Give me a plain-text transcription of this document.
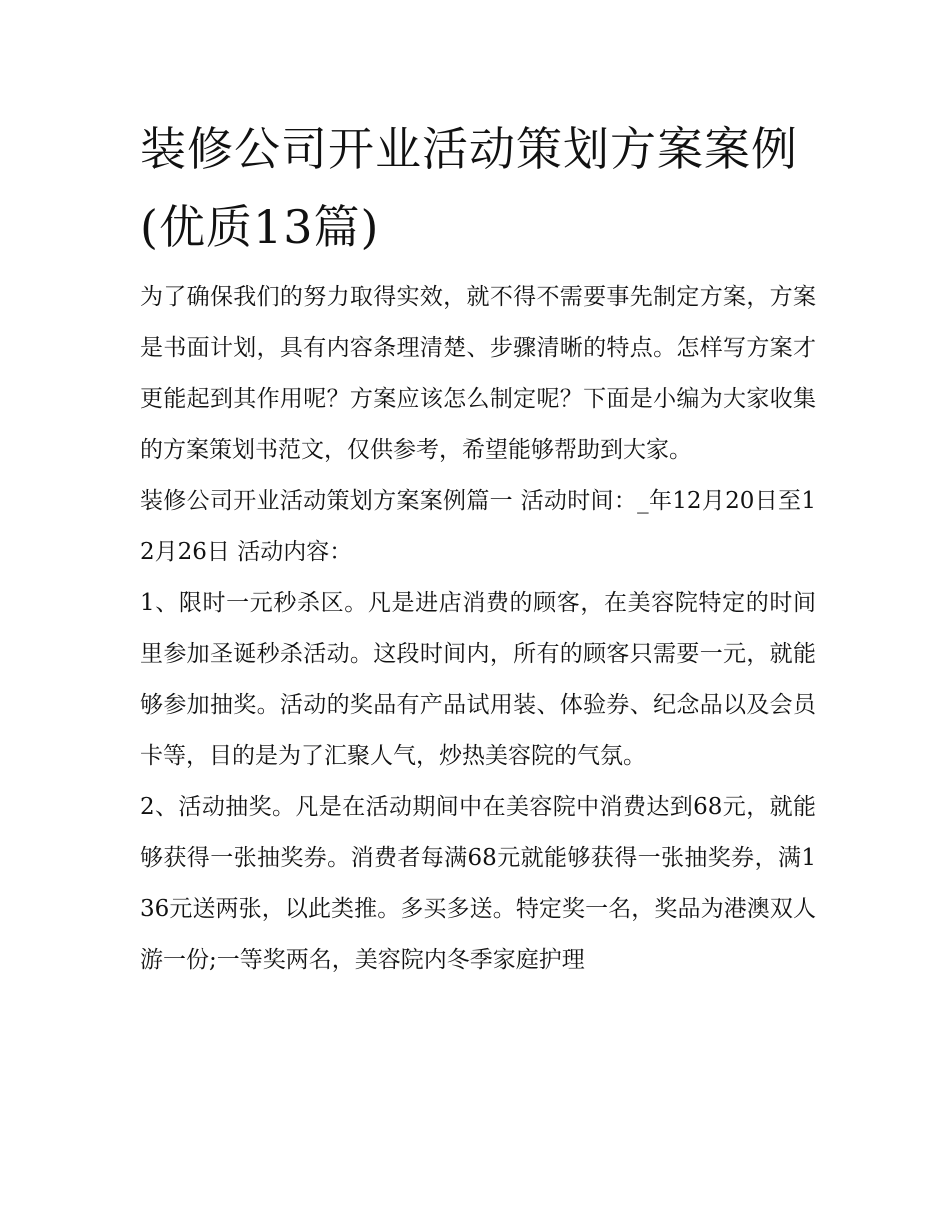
装修公司开业活动策划方案案例(优质13篇)

为了确保我们的努力取得实效，就不得不需要事先制定方案，方案是书面计划，具有内容条理清楚、步骤清晰的特点。怎样写方案才更能起到其作用呢？方案应该怎么制定呢？下面是小编为大家收集的方案策划书范文，仅供参考，希望能够帮助到大家。

装修公司开业活动策划方案案例篇一 活动时间：_年12月20日至12月26日 活动内容：

1、限时一元秒杀区。凡是进店消费的顾客，在美容院特定的时间里参加圣诞秒杀活动。这段时间内，所有的顾客只需要一元，就能够参加抽奖。活动的奖品有产品试用装、体验券、纪念品以及会员卡等，目的是为了汇聚人气，炒热美容院的气氛。

2、活动抽奖。凡是在活动期间中在美容院中消费达到68元，就能够获得一张抽奖券。消费者每满68元就能够获得一张抽奖券，满136元送两张，以此类推。多买多送。特定奖一名，奖品为港澳双人游一份;一等奖两名，美容院内冬季家庭护理
